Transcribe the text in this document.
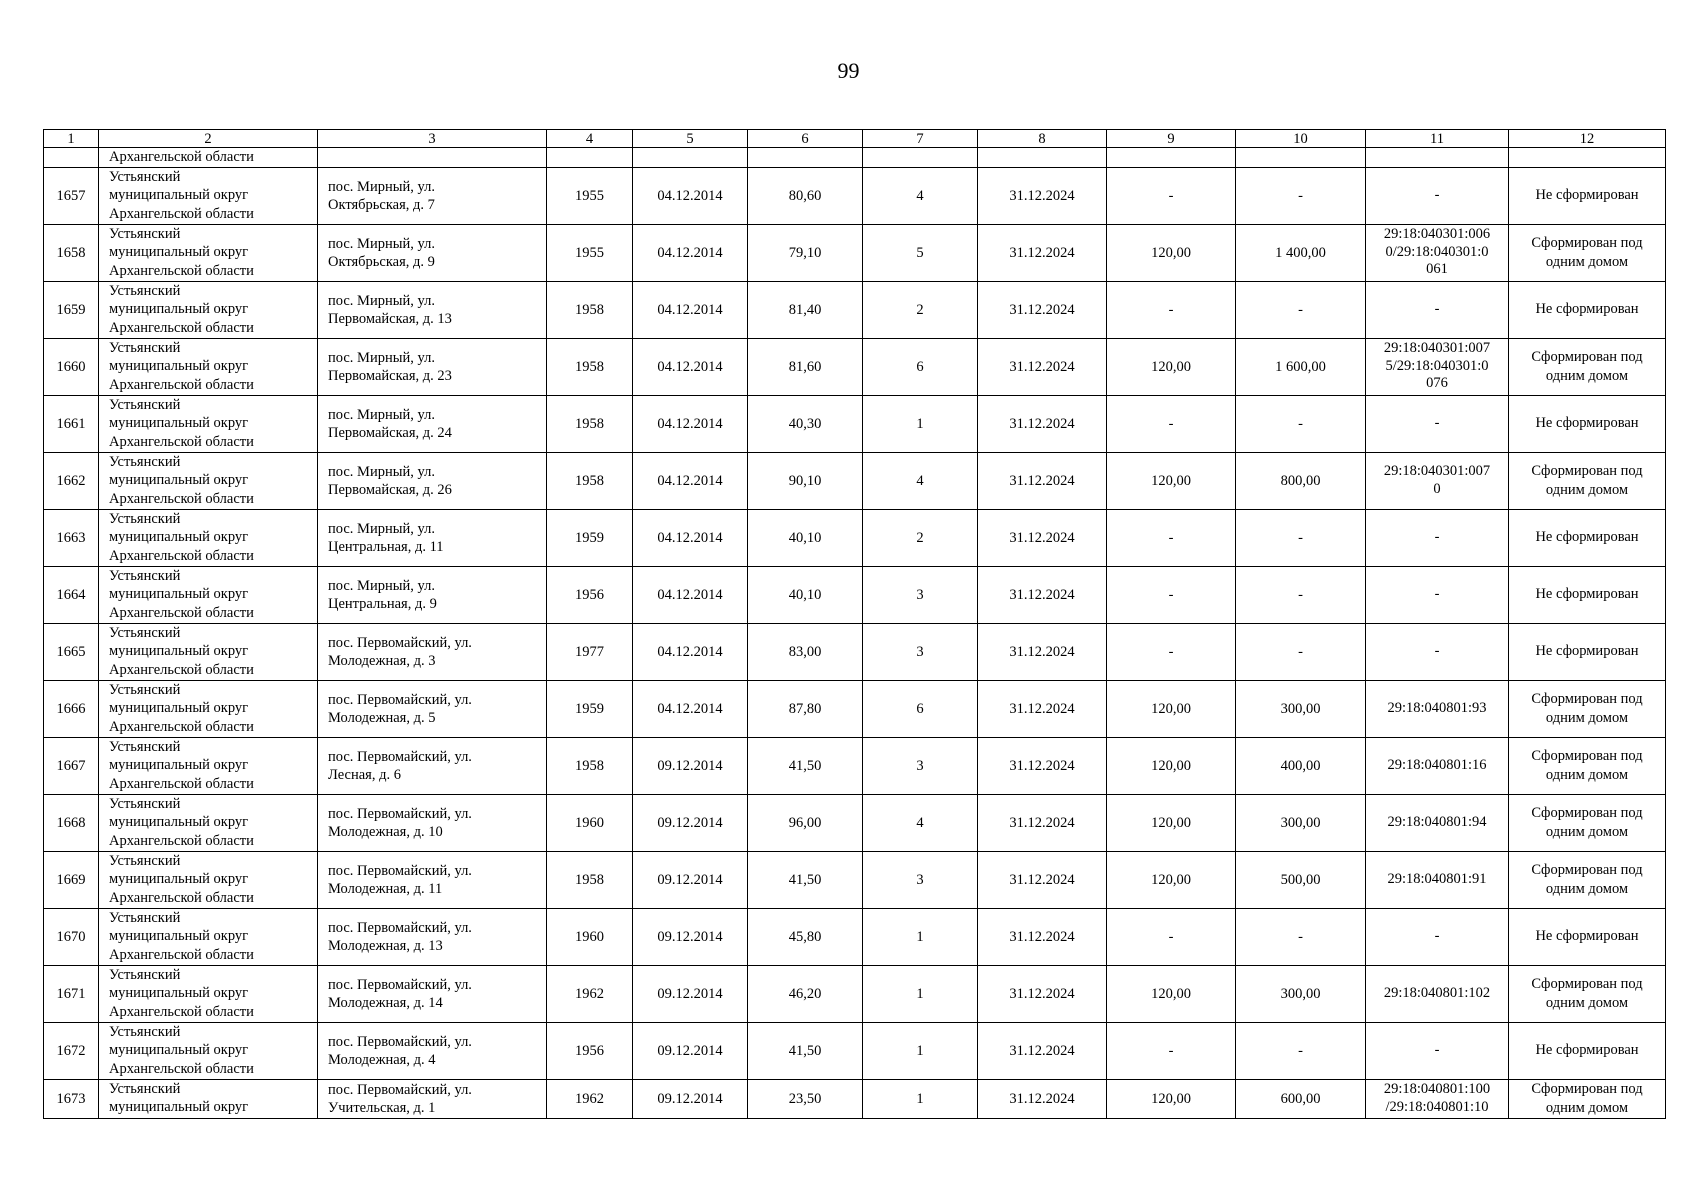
99
1	2	3	4	5	6	7	8	9	10	11	12
	Архангельской области										
1657	Устьянский
муниципальный округ
Архангельской области	пос. Мирный, ул.
Октябрьская, д. 7	1955	04.12.2014	80,60	4	31.12.2024	-	-	-	Не сформирован
1658	Устьянский
муниципальный округ
Архангельской области	пос. Мирный, ул.
Октябрьская, д. 9	1955	04.12.2014	79,10	5	31.12.2024	120,00	1 400,00	29:18:040301:006
0/29:18:040301:0
061	Сформирован под
одним домом
1659	Устьянский
муниципальный округ
Архангельской области	пос. Мирный, ул.
Первомайская, д. 13	1958	04.12.2014	81,40	2	31.12.2024	-	-	-	Не сформирован
1660	Устьянский
муниципальный округ
Архангельской области	пос. Мирный, ул.
Первомайская, д. 23	1958	04.12.2014	81,60	6	31.12.2024	120,00	1 600,00	29:18:040301:007
5/29:18:040301:0
076	Сформирован под
одним домом
1661	Устьянский
муниципальный округ
Архангельской области	пос. Мирный, ул.
Первомайская, д. 24	1958	04.12.2014	40,30	1	31.12.2024	-	-	-	Не сформирован
1662	Устьянский
муниципальный округ
Архангельской области	пос. Мирный, ул.
Первомайская, д. 26	1958	04.12.2014	90,10	4	31.12.2024	120,00	800,00	29:18:040301:007
0	Сформирован под
одним домом
1663	Устьянский
муниципальный округ
Архангельской области	пос. Мирный, ул.
Центральная, д. 11	1959	04.12.2014	40,10	2	31.12.2024	-	-	-	Не сформирован
1664	Устьянский
муниципальный округ
Архангельской области	пос. Мирный, ул.
Центральная, д. 9	1956	04.12.2014	40,10	3	31.12.2024	-	-	-	Не сформирован
1665	Устьянский
муниципальный округ
Архангельской области	пос. Первомайский, ул.
Молодежная, д. 3	1977	04.12.2014	83,00	3	31.12.2024	-	-	-	Не сформирован
1666	Устьянский
муниципальный округ
Архангельской области	пос. Первомайский, ул.
Молодежная, д. 5	1959	04.12.2014	87,80	6	31.12.2024	120,00	300,00	29:18:040801:93	Сформирован под
одним домом
1667	Устьянский
муниципальный округ
Архангельской области	пос. Первомайский, ул.
Лесная, д. 6	1958	09.12.2014	41,50	3	31.12.2024	120,00	400,00	29:18:040801:16	Сформирован под
одним домом
1668	Устьянский
муниципальный округ
Архангельской области	пос. Первомайский, ул.
Молодежная, д. 10	1960	09.12.2014	96,00	4	31.12.2024	120,00	300,00	29:18:040801:94	Сформирован под
одним домом
1669	Устьянский
муниципальный округ
Архангельской области	пос. Первомайский, ул.
Молодежная, д. 11	1958	09.12.2014	41,50	3	31.12.2024	120,00	500,00	29:18:040801:91	Сформирован под
одним домом
1670	Устьянский
муниципальный округ
Архангельской области	пос. Первомайский, ул.
Молодежная, д. 13	1960	09.12.2014	45,80	1	31.12.2024	-	-	-	Не сформирован
1671	Устьянский
муниципальный округ
Архангельской области	пос. Первомайский, ул.
Молодежная, д. 14	1962	09.12.2014	46,20	1	31.12.2024	120,00	300,00	29:18:040801:102	Сформирован под
одним домом
1672	Устьянский
муниципальный округ
Архангельской области	пос. Первомайский, ул.
Молодежная, д. 4	1956	09.12.2014	41,50	1	31.12.2024	-	-	-	Не сформирован
1673	Устьянский
муниципальный округ	пос. Первомайский, ул.
Учительская, д. 1	1962	09.12.2014	23,50	1	31.12.2024	120,00	600,00	29:18:040801:100
/29:18:040801:10	Сформирован под
одним домом
